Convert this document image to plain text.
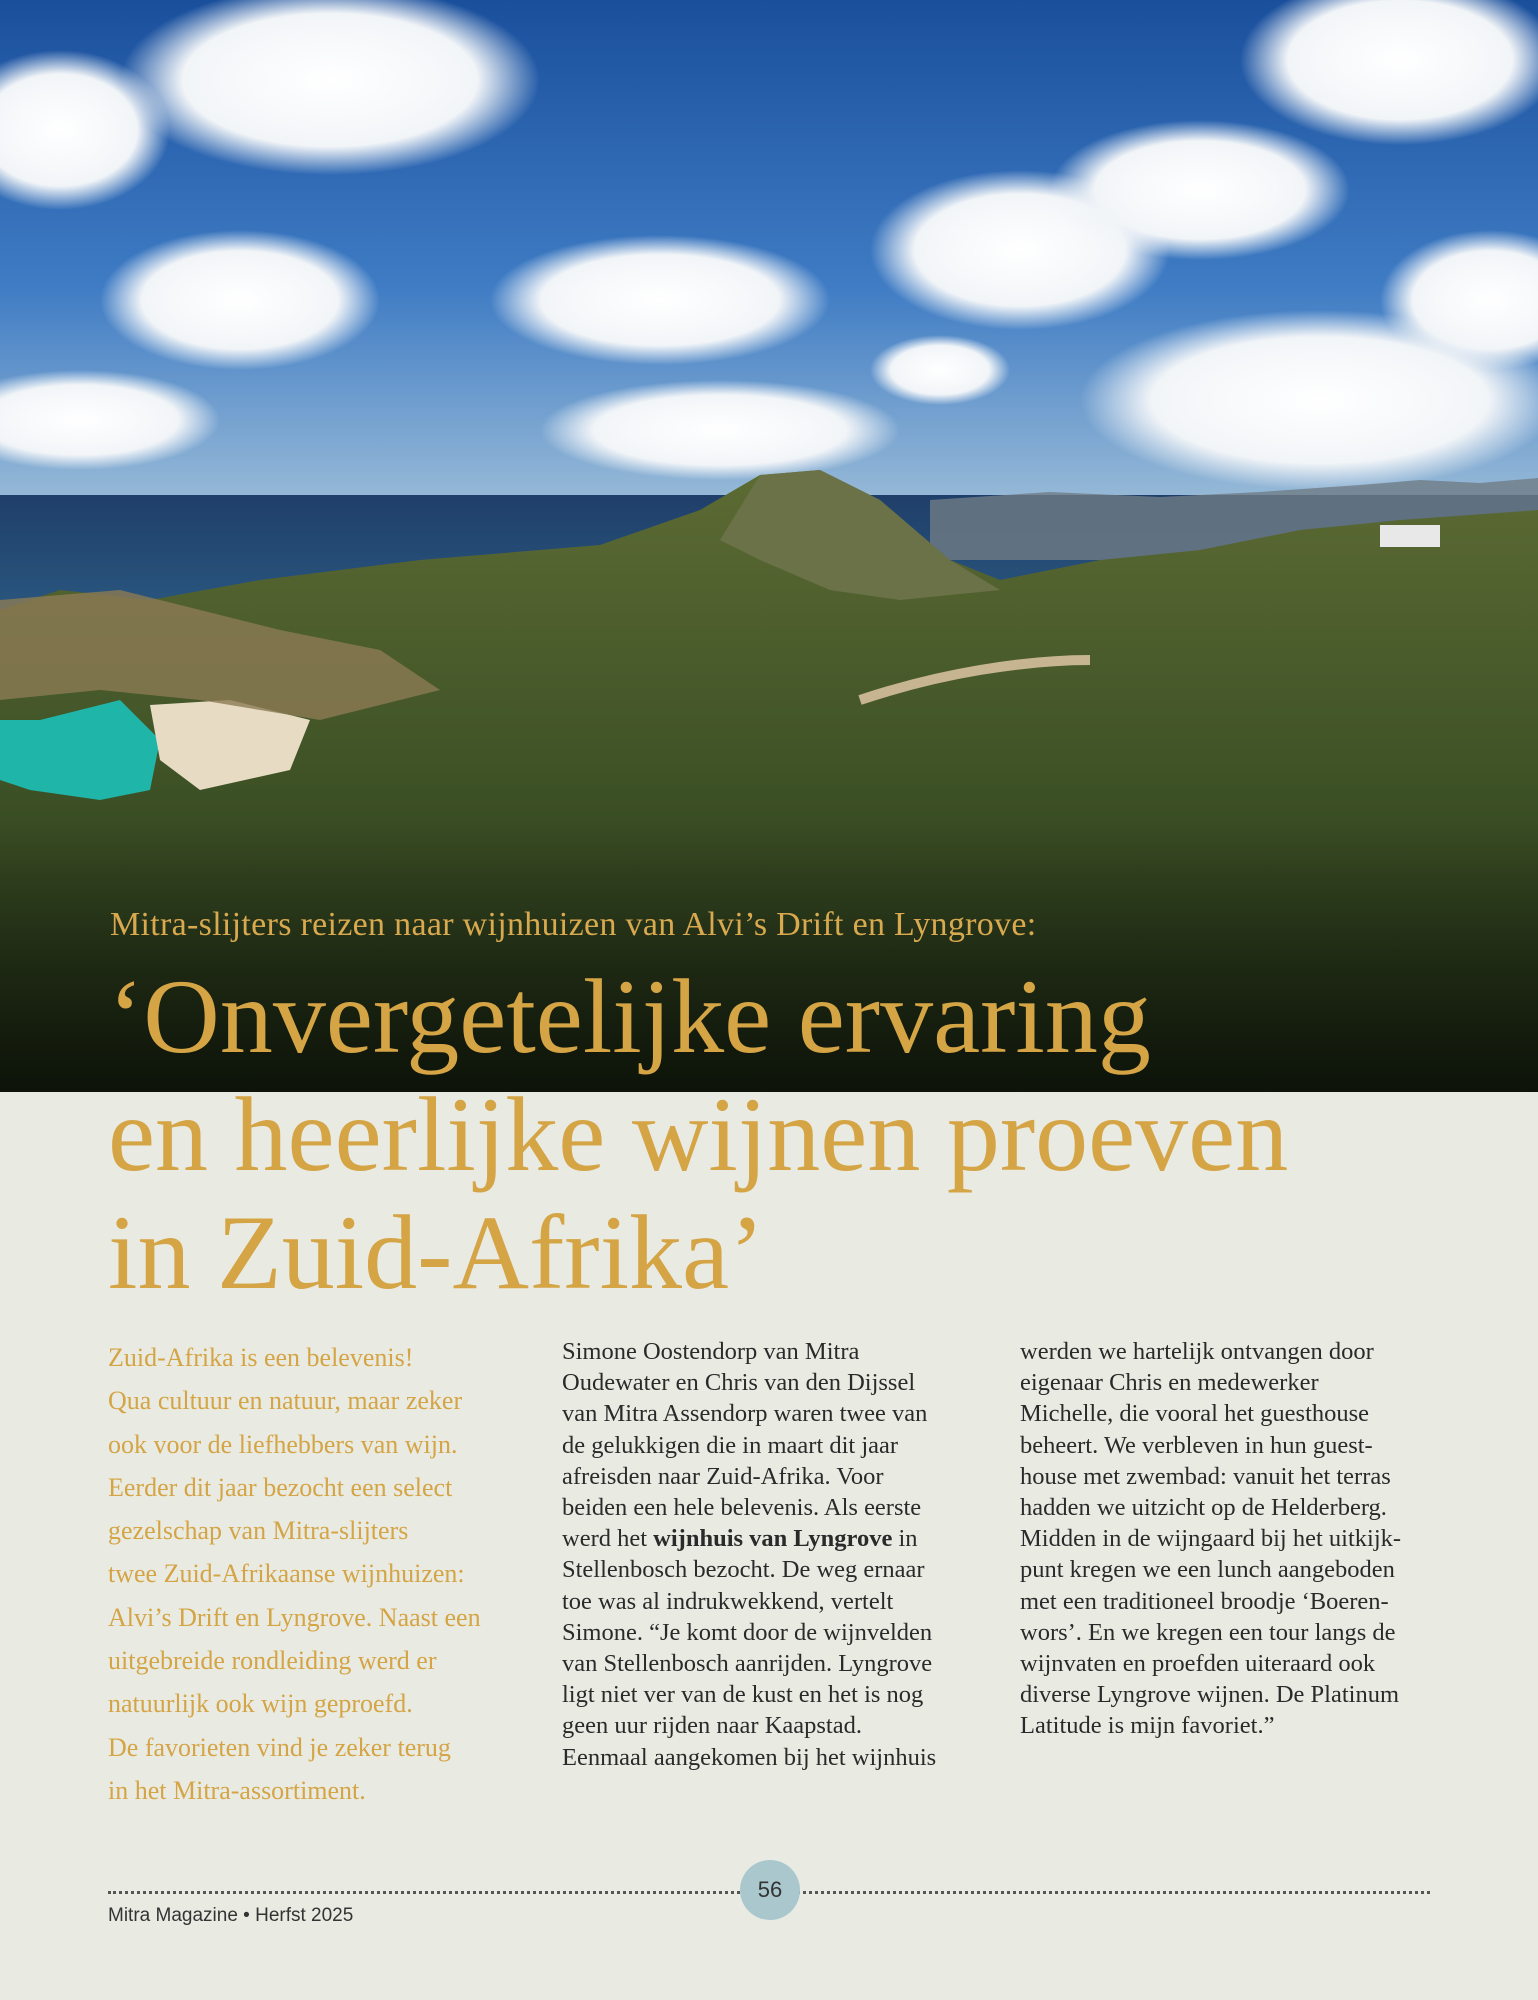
Mitra-slijters reizen naar wijnhuizen van Alvi’s Drift en Lyngrove:
‘Onvergetelijke ervaring
en heerlijke wijnen proeven
in Zuid-Afrika’
Zuid-Afrika is een belevenis!
Qua cultuur en natuur, maar zeker
ook voor de liefhebbers van wijn.
Eerder dit jaar bezocht een select
gezelschap van Mitra-slijters
twee Zuid-Afrikaanse wijnhuizen:
Alvi’s Drift en Lyngrove. Naast een
uitgebreide rondleiding werd er
natuurlijk ook wijn geproefd.
De favorieten vind je zeker terug
in het Mitra-assortiment.
Simone Oostendorp van Mitra
Oudewater en Chris van den Dijssel
van Mitra Assendorp waren twee van
de gelukkigen die in maart dit jaar
afreisden naar Zuid-Afrika. Voor
beiden een hele belevenis. Als eerste
werd het wijnhuis van Lyngrove in
Stellenbosch bezocht. De weg ernaar
toe was al indrukwekkend, vertelt
Simone. “Je komt door de wijnvelden
van Stellenbosch aanrijden. Lyngrove
ligt niet ver van de kust en het is nog
geen uur rijden naar Kaapstad.
Eenmaal aangekomen bij het wijnhuis
werden we hartelijk ontvangen door
eigenaar Chris en medewerker
Michelle, die vooral het guesthouse
beheert. We verbleven in hun guest-
house met zwembad: vanuit het terras
hadden we uitzicht op de Helderberg.
Midden in de wijngaard bij het uitkijk-
punt kregen we een lunch aangeboden
met een traditioneel broodje ‘Boeren-
wors’. En we kregen een tour langs de
wijnvaten en proefden uiteraard ook
diverse Lyngrove wijnen. De Platinum
Latitude is mijn favoriet.”
56
Mitra Magazine • Herfst 2025
